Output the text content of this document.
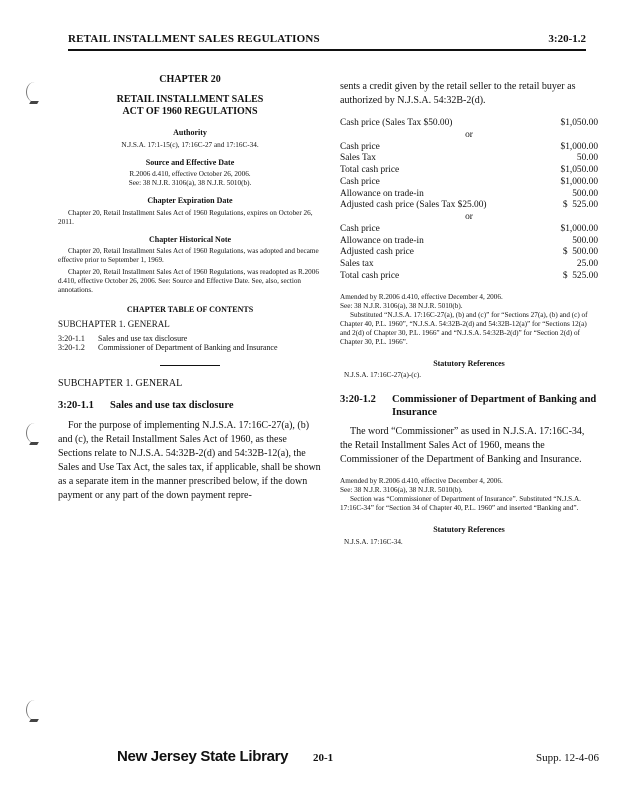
RETAIL INSTALLMENT SALES REGULATIONS	3:20-1.2

CHAPTER 20

RETAIL INSTALLMENT SALES

ACT OF 1960 REGULATIONS

Authority

N.J.S.A. 17:1-15(c), 17:16C-27 and 17:16C-34.

Source and Effective Date

R.2006 d.410, effective October 26, 2006.

See: 38 N.J.R. 3106(a), 38 N.J.R. 5010(b).

Chapter Expiration Date

Chapter 20, Retail Installment Sales Act of 1960 Regulations, expires on October 26, 2011.

Chapter Historical Note

Chapter 20, Retail Installment Sales Act of 1960 Regulations, was adopted and became effective prior to September 1, 1969.

Chapter 20, Retail Installment Sales Act of 1960 Regulations, was readopted as R.2006 d.410, effective October 26, 2006. See: Source and Effective Date. See, also, section annotations.

CHAPTER TABLE OF CONTENTS

SUBCHAPTER 1. GENERAL

3:20-1.1	Sales and use tax disclosure
3:20-1.2	Commissioner of Department of Banking and Insurance

SUBCHAPTER 1. GENERAL

3:20-1.1	Sales and use tax disclosure

For the purpose of implementing N.J.S.A. 17:16C-27(a), (b) and (c), the Retail Installment Sales Act of 1960, as these Sections relate to N.J.S.A. 54:32B-2(d) and 54:32B-12(a), the Sales and Use Tax Act, the sales tax, if applicable, shall be shown as a separate item in the manner prescribed below, if the down payment or any part of the down payment repre-

sents a credit given by the retail seller to the retail buyer as authorized by N.J.S.A. 54:32B-2(d).

Cash price (Sales Tax $50.00)	$1,050.00
or
Cash price	$1,000.00
Sales Tax	50.00
Total cash price	$1,050.00
Cash price	$1,000.00
Allowance on trade-in	500.00
Adjusted cash price (Sales Tax $25.00)	$  525.00
or
Cash price	$1,000.00
Allowance on trade-in	500.00
Adjusted cash price	$  500.00
Sales tax	25.00
Total cash price	$  525.00

Amended by R.2006 d.410, effective December 4, 2006.

See: 38 N.J.R. 3106(a), 38 N.J.R. 5010(b).

Substituted “N.J.S.A. 17:16C-27(a), (b) and (c)” for “Sections 27(a), (b) and (c) of Chapter 40, P.L. 1960”, “N.J.S.A. 54:32B-2(d) and 54:32B-12(a)” for “Sections 12(a) and 2(d) of Chapter 30, P.L. 1966” and “N.J.S.A. 54:32B-2(d)” for “Section 2(d) of Chapter 30, P.L. 1966”.

Statutory References

N.J.S.A. 17:16C-27(a)-(c).

3:20-1.2	Commissioner of Department of Banking and Insurance

The word “Commissioner” as used in N.J.S.A. 17:16C-34, the Retail Installment Sales Act of 1960, means the Commissioner of the Department of Banking and Insurance.

Amended by R.2006 d.410, effective December 4, 2006.

See: 38 N.J.R. 3106(a), 38 N.J.R. 5010(b).

Section was “Commissioner of Department of Insurance”. Substituted “N.J.S.A. 17:16C-34” for “Section 34 of Chapter 40, P.L. 1960” and inserted “Banking and”.

Statutory References

N.J.S.A. 17:16C-34.

New Jersey State Library 20-1	Supp. 12-4-06
